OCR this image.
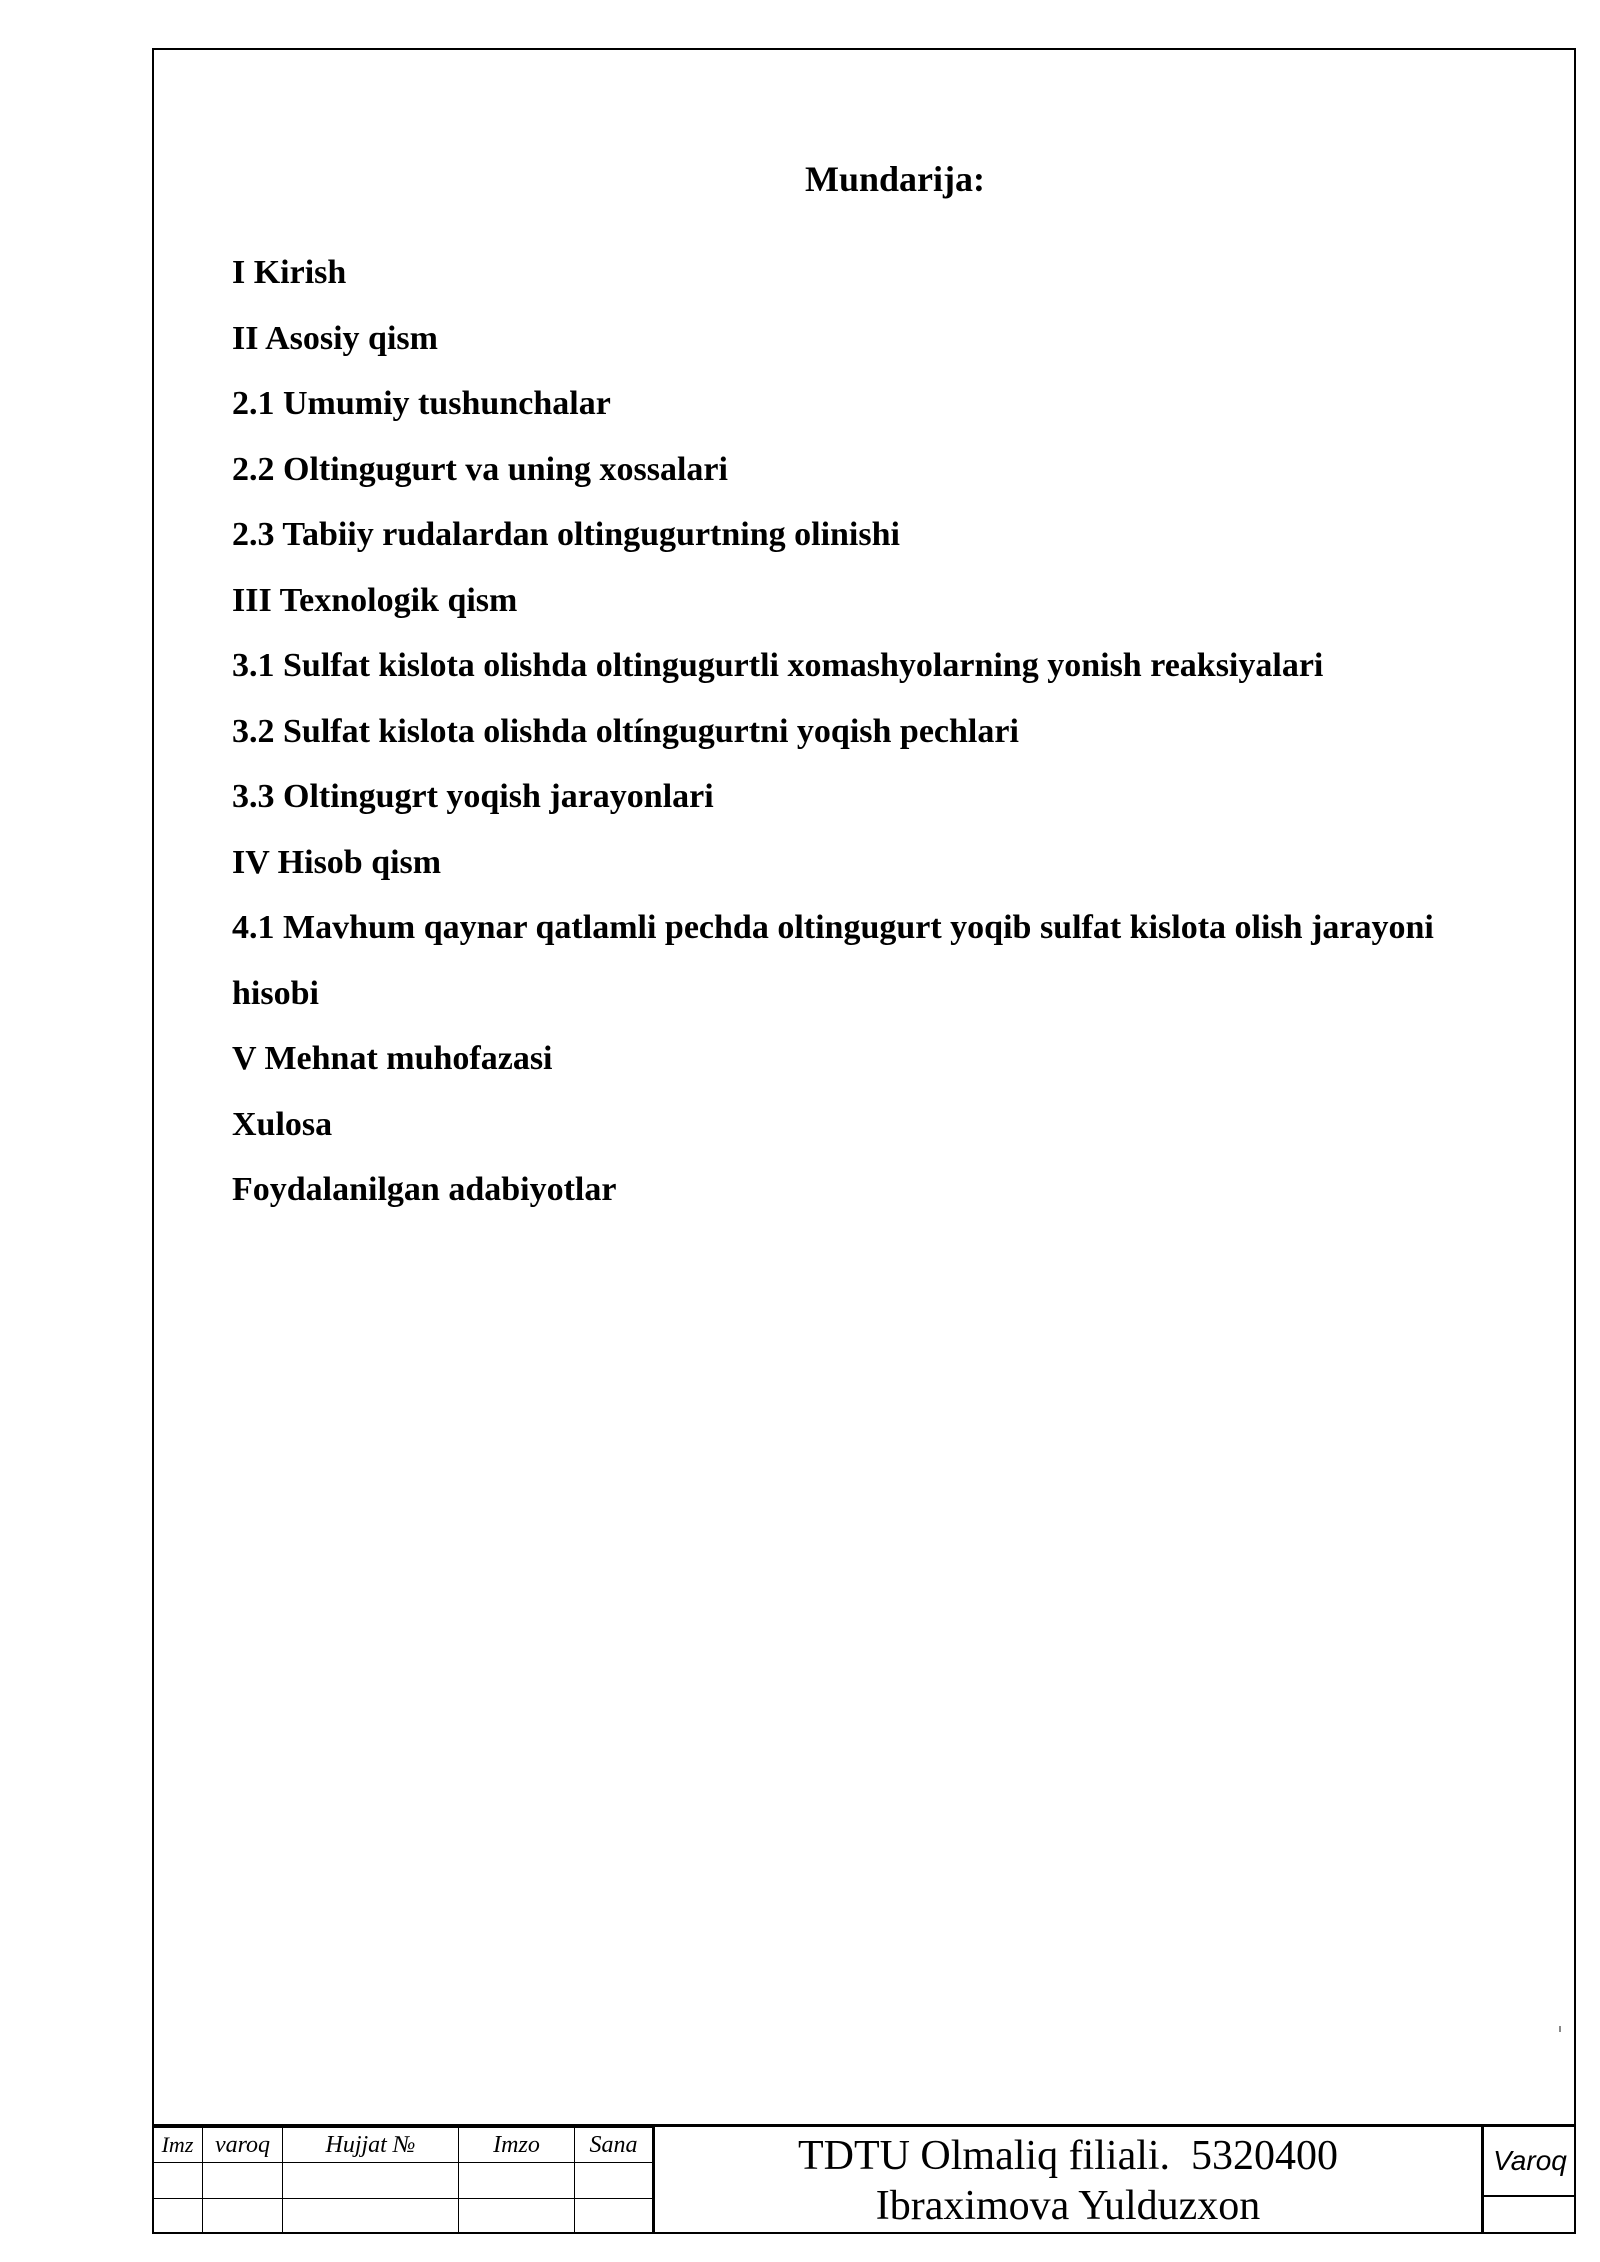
Mundarija:
I Kirish
II Asosiy qism
2.1 Umumiy tushunchalar
2.2 Oltingugurt va uning xossalari
2.3 Tabiiy rudalardan oltingugurtning olinishi
III Texnologik qism
3.1 Sulfat kislota olishda oltingugurtli xomashyolarning yonish reaksiyalari
3.2 Sulfat kislota olishda oltíngugurtni yoqish pechlari
3.3 Oltingugrt yoqish jarayonlari
IV Hisob qism
4.1 Mavhum qaynar qatlamli pechda oltingugurt yoqib sulfat kislota olish jarayoni hisobi
V Mehnat muhofazasi
Xulosa
Foydalanilgan adabiyotlar
Imz	varoq	Hujjat №	Imzo	Sana

					TDTU Olmaliq filiali.  5320400
Ibraximova Yulduzxon
Varoq
